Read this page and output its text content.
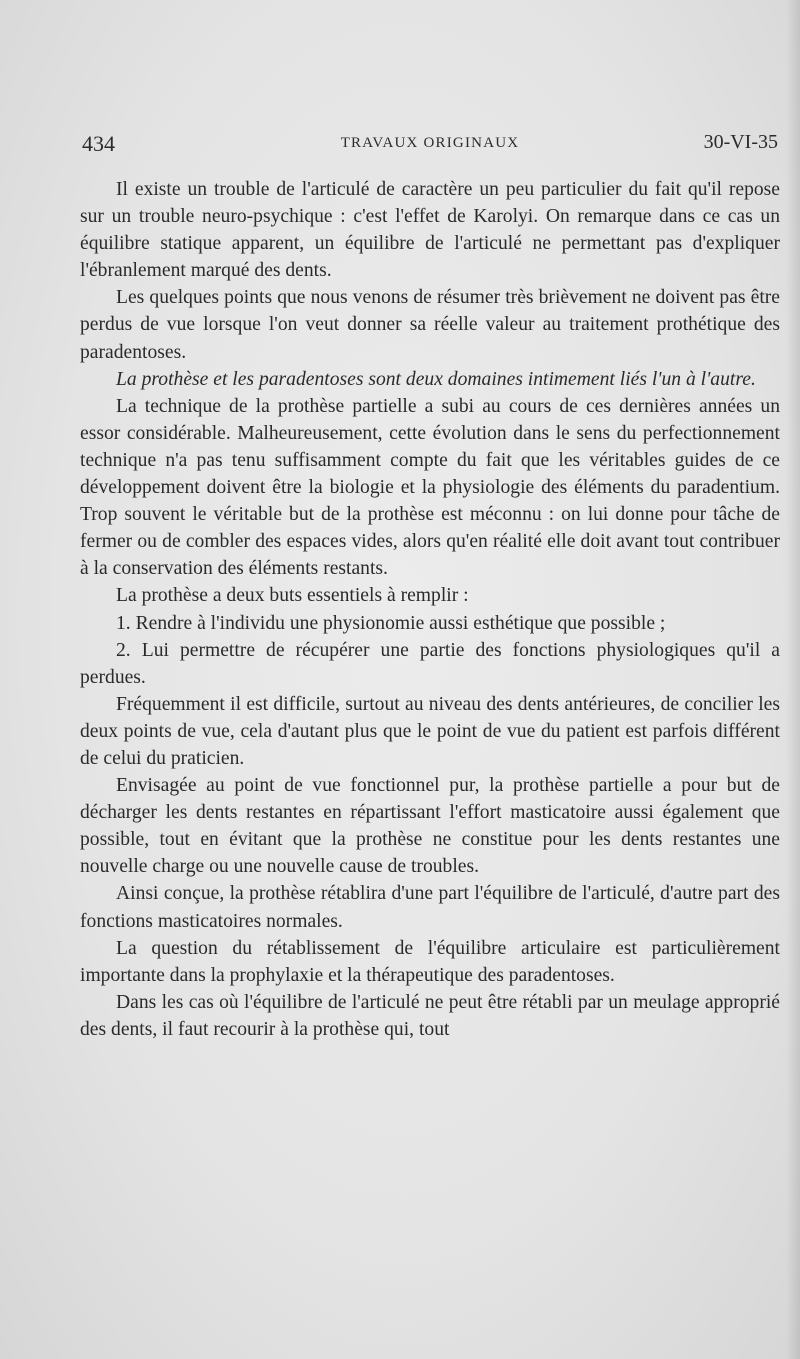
434	TRAVAUX ORIGINAUX	30-VI-35

Il existe un trouble de l'articulé de caractère un peu particulier du fait qu'il repose sur un trouble neuro-psychique : c'est l'effet de Karolyi. On remarque dans ce cas un équilibre statique apparent, un équilibre de l'articulé ne permettant pas d'expliquer l'ébranlement marqué des dents.

Les quelques points que nous venons de résumer très brièvement ne doivent pas être perdus de vue lorsque l'on veut donner sa réelle valeur au traitement prothétique des paradentoses.

La prothèse et les paradentoses sont deux domaines intimement liés l'un à l'autre.

La technique de la prothèse partielle a subi au cours de ces dernières années un essor considérable. Malheureusement, cette évolution dans le sens du perfectionnement technique n'a pas tenu suffisamment compte du fait que les véritables guides de ce développement doivent être la biologie et la physiologie des éléments du paradentium. Trop souvent le véritable but de la prothèse est méconnu : on lui donne pour tâche de fermer ou de combler des espaces vides, alors qu'en réalité elle doit avant tout contribuer à la conservation des éléments restants.

La prothèse a deux buts essentiels à remplir :

1. Rendre à l'individu une physionomie aussi esthétique que possible ;

2. Lui permettre de récupérer une partie des fonctions physiologiques qu'il a perdues.

Fréquemment il est difficile, surtout au niveau des dents antérieures, de concilier les deux points de vue, cela d'autant plus que le point de vue du patient est parfois différent de celui du praticien.

Envisagée au point de vue fonctionnel pur, la prothèse partielle a pour but de décharger les dents restantes en répartissant l'effort masticatoire aussi également que possible, tout en évitant que la prothèse ne constitue pour les dents restantes une nouvelle charge ou une nouvelle cause de troubles.

Ainsi conçue, la prothèse rétablira d'une part l'équilibre de l'articulé, d'autre part des fonctions masticatoires normales.

La question du rétablissement de l'équilibre articulaire est particulièrement importante dans la prophylaxie et la thérapeutique des paradentoses.

Dans les cas où l'équilibre de l'articulé ne peut être rétabli par un meulage approprié des dents, il faut recourir à la prothèse qui, tout
